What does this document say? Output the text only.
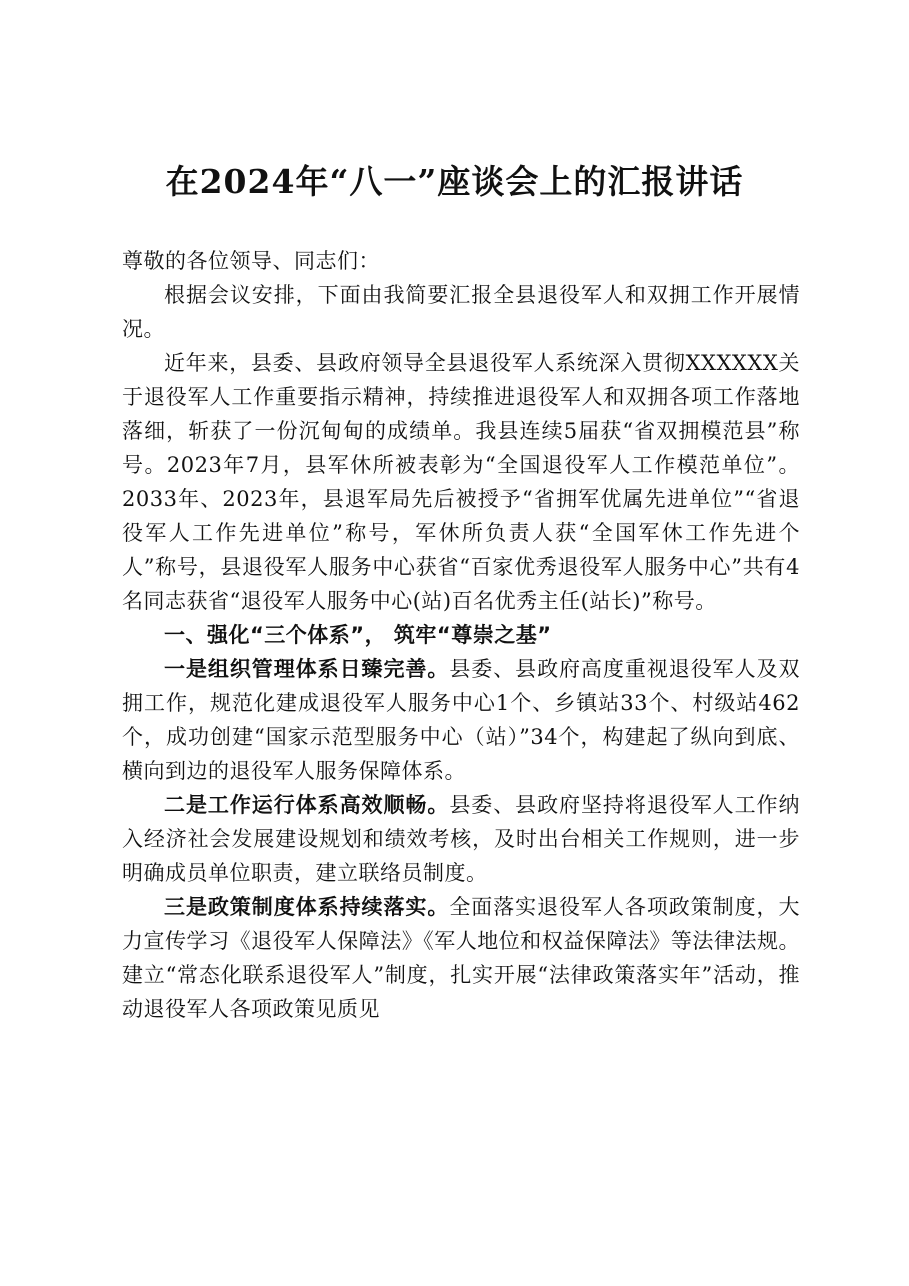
在2024年“八一”座谈会上的汇报讲话

尊敬的各位领导、同志们：

根据会议安排，下面由我简要汇报全县退役军人和双拥工作开展情况。

近年来，县委、县政府领导全县退役军人系统深入贯彻XXXXXX关于退役军人工作重要指示精神，持续推进退役军人和双拥各项工作落地落细，斩获了一份沉甸甸的成绩单。我县连续5届获“省双拥模范县”称号。2023年7月，县军休所被表彰为“全国退役军人工作模范单位”。2033年、2023年，县退军局先后被授予“省拥军优属先进单位”“省退役军人工作先进单位”称号，军休所负责人获“全国军休工作先进个人”称号，县退役军人服务中心获省“百家优秀退役军人服务中心”共有4名同志获省“退役军人服务中心(站)百名优秀主任(站长)”称号。

一、强化“三个体系”， 筑牢“尊崇之基”

一是组织管理体系日臻完善。县委、县政府高度重视退役军人及双拥工作，规范化建成退役军人服务中心1个、乡镇站33个、村级站462个，成功创建“国家示范型服务中心（站）”34个，构建起了纵向到底、横向到边的退役军人服务保障体系。

二是工作运行体系高效顺畅。县委、县政府坚持将退役军人工作纳入经济社会发展建设规划和绩效考核，及时出台相关工作规则，进一步明确成员单位职责，建立联络员制度。

三是政策制度体系持续落实。全面落实退役军人各项政策制度，大力宣传学习《退役军人保障法》《军人地位和权益保障法》等法律法规。建立“常态化联系退役军人”制度，扎实开展“法律政策落实年”活动，推动退役军人各项政策见质见
